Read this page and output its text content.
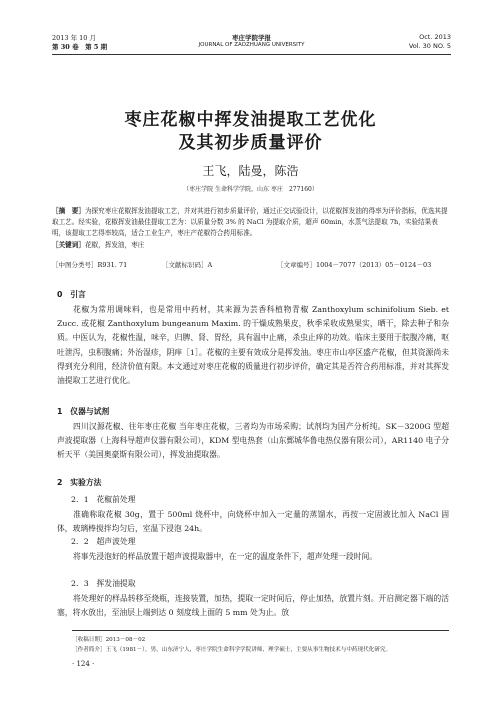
2013 年 10 月
第 30 卷　第 5 期
枣庄学院学报
JOURNAL OF ZAOZHUANG UNIVERSITY
Oct. 2013
Vol. 30 NO. 5
枣庄花椒中挥发油提取工艺优化
及其初步质量评价
王飞，陆曼，陈浩
（枣庄学院 生命科学学院，山东 枣庄　277160）
［摘　要］为探究枣庄花椒挥发油提取工艺，并对其进行初步质量评价，通过正交试验设计，以花椒挥发油的得率为评价指标，优选其提取工艺。经实验，花椒挥发油最佳提取工艺为：以质量分数 3% 的 NaCl 为提取介质，超声 60min，水蒸气法提取 7h，实验结果表明，该提取工艺得率较高，适合工业生产，枣庄产花椒符合药用标准。
［关键词］花椒，挥发油，枣庄
［中图分类号］R931. 71	［文献标识码］A	［文章编号］1004－7077（2013）05－0124－03
0　引言
花椒为常用调味料，也是常用中药材，其来源为芸香科植物青椒 Zanthoxylum schinifolium Sieb. et Zucc. 或花椒 Zanthoxylum bungeanum Maxim. 的干燥成熟果皮，秋季采收成熟果实，晒干，除去种子和杂质。中医认为，花椒性温，味辛，归脾、肾、胃经，具有温中止痛，杀虫止痒的功效。临床主要用于脘腹冷痛，呕吐泄泻，虫积腹痛；外治湿疹，阴痒［1］。花椒的主要有效成分是挥发油。枣庄市山亭区盛产花椒，但其资源尚未得到充分利用，经济价值有限。本文通过对枣庄花椒的质量进行初步评价，确定其是否符合药用标准，并对其挥发油提取工艺进行优化。
1　仪器与试剂
四川汉源花椒、往年枣庄花椒 当年枣庄花椒，三者均为市场采购；试剂均为国产分析纯。SK－3200G 型超声波提取器（上海科导超声仪器有限公司），KDM 型电热套（山东鄄城华鲁电热仪器有限公司），AR1140 电子分析天平（美国奥豪斯有限公司），挥发油提取器。
2　实验方法
2．1　花椒前处理
准确称取花椒 30g，置于 500ml 烧杯中，向烧杯中加入一定量的蒸馏水，再按一定固液比加入 NaCl 固体，玻璃棒搅拌均匀后，室温下浸泡 24h。
2．2　超声波处理
将事先浸泡好的样品放置于超声波提取器中，在一定的温度条件下，超声处理一段时间。
2．3　挥发油提取
将处理好的样品转移至烧瓶，连接装置，加热，提取一定时间后，停止加热，放置片刻。开启测定器下端的活塞，将水放出，至油层上端到达 0 刻度线上面的 5 mm 处为止。放
［收稿日期］2013－08－02
［作者简介］王飞（1981－），男，山东济宁人，枣庄学院生命科学学院讲师，理学硕士，主要从事生物技术与中药现代化研究。
· 124 ·
